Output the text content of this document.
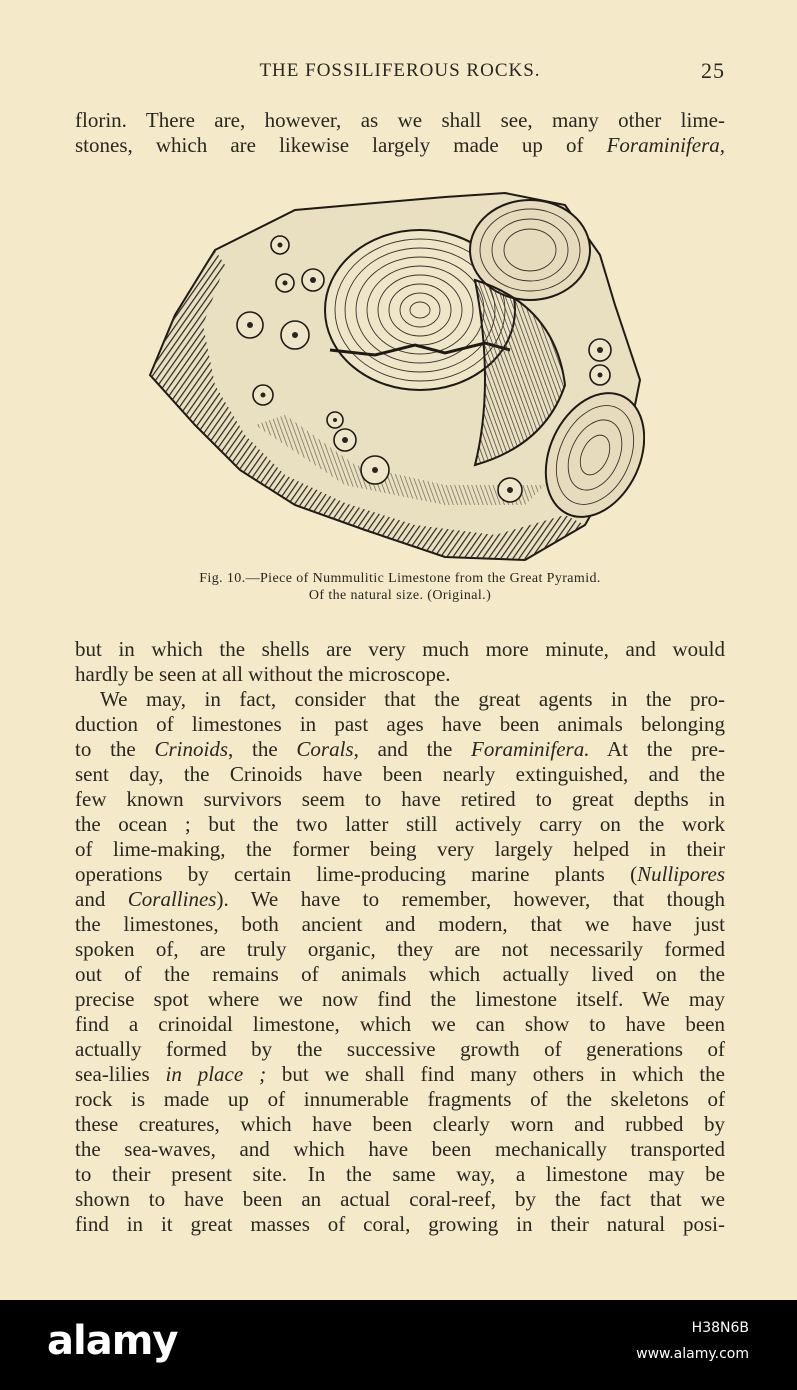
THE FOSSILIFEROUS ROCKS.	25
florin. There are, however, as we shall see, many other lime-
stones, which are likewise largely made up of Foraminifera,
Fig. 10.—Piece of Nummulitic Limestone from the Great Pyramid.
Of the natural size. (Original.)
but in which the shells are very much more minute, and would
hardly be seen at all without the microscope.
We may, in fact, consider that the great agents in the pro-
duction of limestones in past ages have been animals belonging
to the Crinoids, the Corals, and the Foraminifera. At the pre-
sent day, the Crinoids have been nearly extinguished, and the
few known survivors seem to have retired to great depths in
the ocean ; but the two latter still actively carry on the work
of lime-making, the former being very largely helped in their
operations by certain lime-producing marine plants (Nullipores
and Corallines). We have to remember, however, that though
the limestones, both ancient and modern, that we have just
spoken of, are truly organic, they are not necessarily formed
out of the remains of animals which actually lived on the
precise spot where we now find the limestone itself. We may
find a crinoidal limestone, which we can show to have been
actually formed by the successive growth of generations of
sea-lilies in place ; but we shall find many others in which the
rock is made up of innumerable fragments of the skeletons of
these creatures, which have been clearly worn and rubbed by
the sea-waves, and which have been mechanically transported
to their present site. In the same way, a limestone may be
shown to have been an actual coral-reef, by the fact that we
find in it great masses of coral, growing in their natural posi-
alamy	H38N6B
www.alamy.com
